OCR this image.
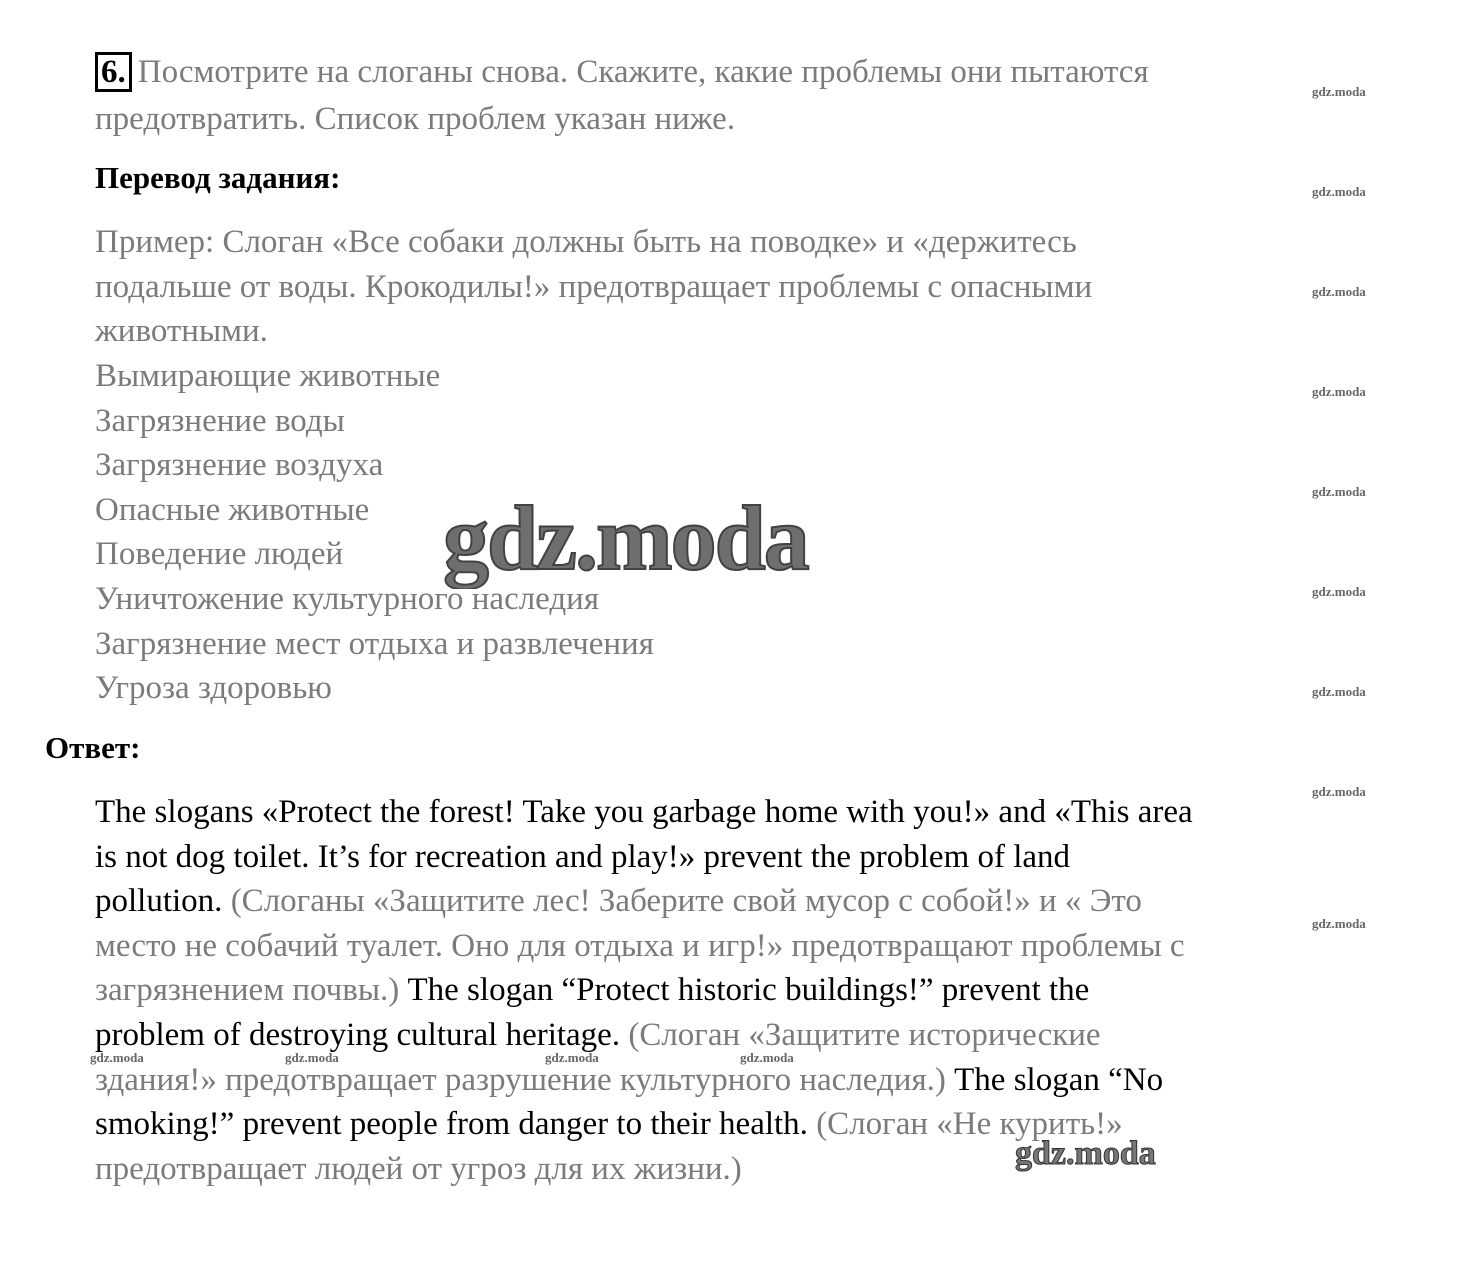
6. Посмотрите на слоганы снова. Скажите, какие проблемы они пытаются
предотвратить. Список проблем указан ниже.
Перевод задания:
Пример: Слоган «Все собаки должны быть на поводке» и «держитесь
подальше от воды. Крокодилы!» предотвращает проблемы с опасными
животными.
Вымирающие животные
Загрязнение воды
Загрязнение воздуха
Опасные животные
Поведение людей
Уничтожение культурного наследия
Загрязнение мест отдыха и развлечения
Угроза здоровью
Ответ:
The slogans «Protect the forest! Take you garbage home with you!» and «This area
is not dog toilet. It’s for recreation and play!» prevent the problem of land
pollution. (Слоганы «Защитите лес! Заберите свой мусор с собой!» и « Это
место не собачий туалет. Оно для отдыха и игр!» предотвращают проблемы с
загрязнением почвы.) The slogan “Protect historic buildings!” prevent the
problem of destroying cultural heritage. (Слоган «Защитите исторические
здания!» предотвращает разрушение культурного наследия.) The slogan “No
smoking!” prevent people from danger to their health. (Слоган «Не курить!»
предотвращает людей от угроз для их жизни.)
gdz.moda
gdz.moda
gdz.moda
gdz.moda
gdz.moda
gdz.moda
gdz.moda
gdz.moda
gdz.moda
gdz.moda	gdz.moda	gdz.moda	gdz.moda
gdz.moda
gdz.moda
